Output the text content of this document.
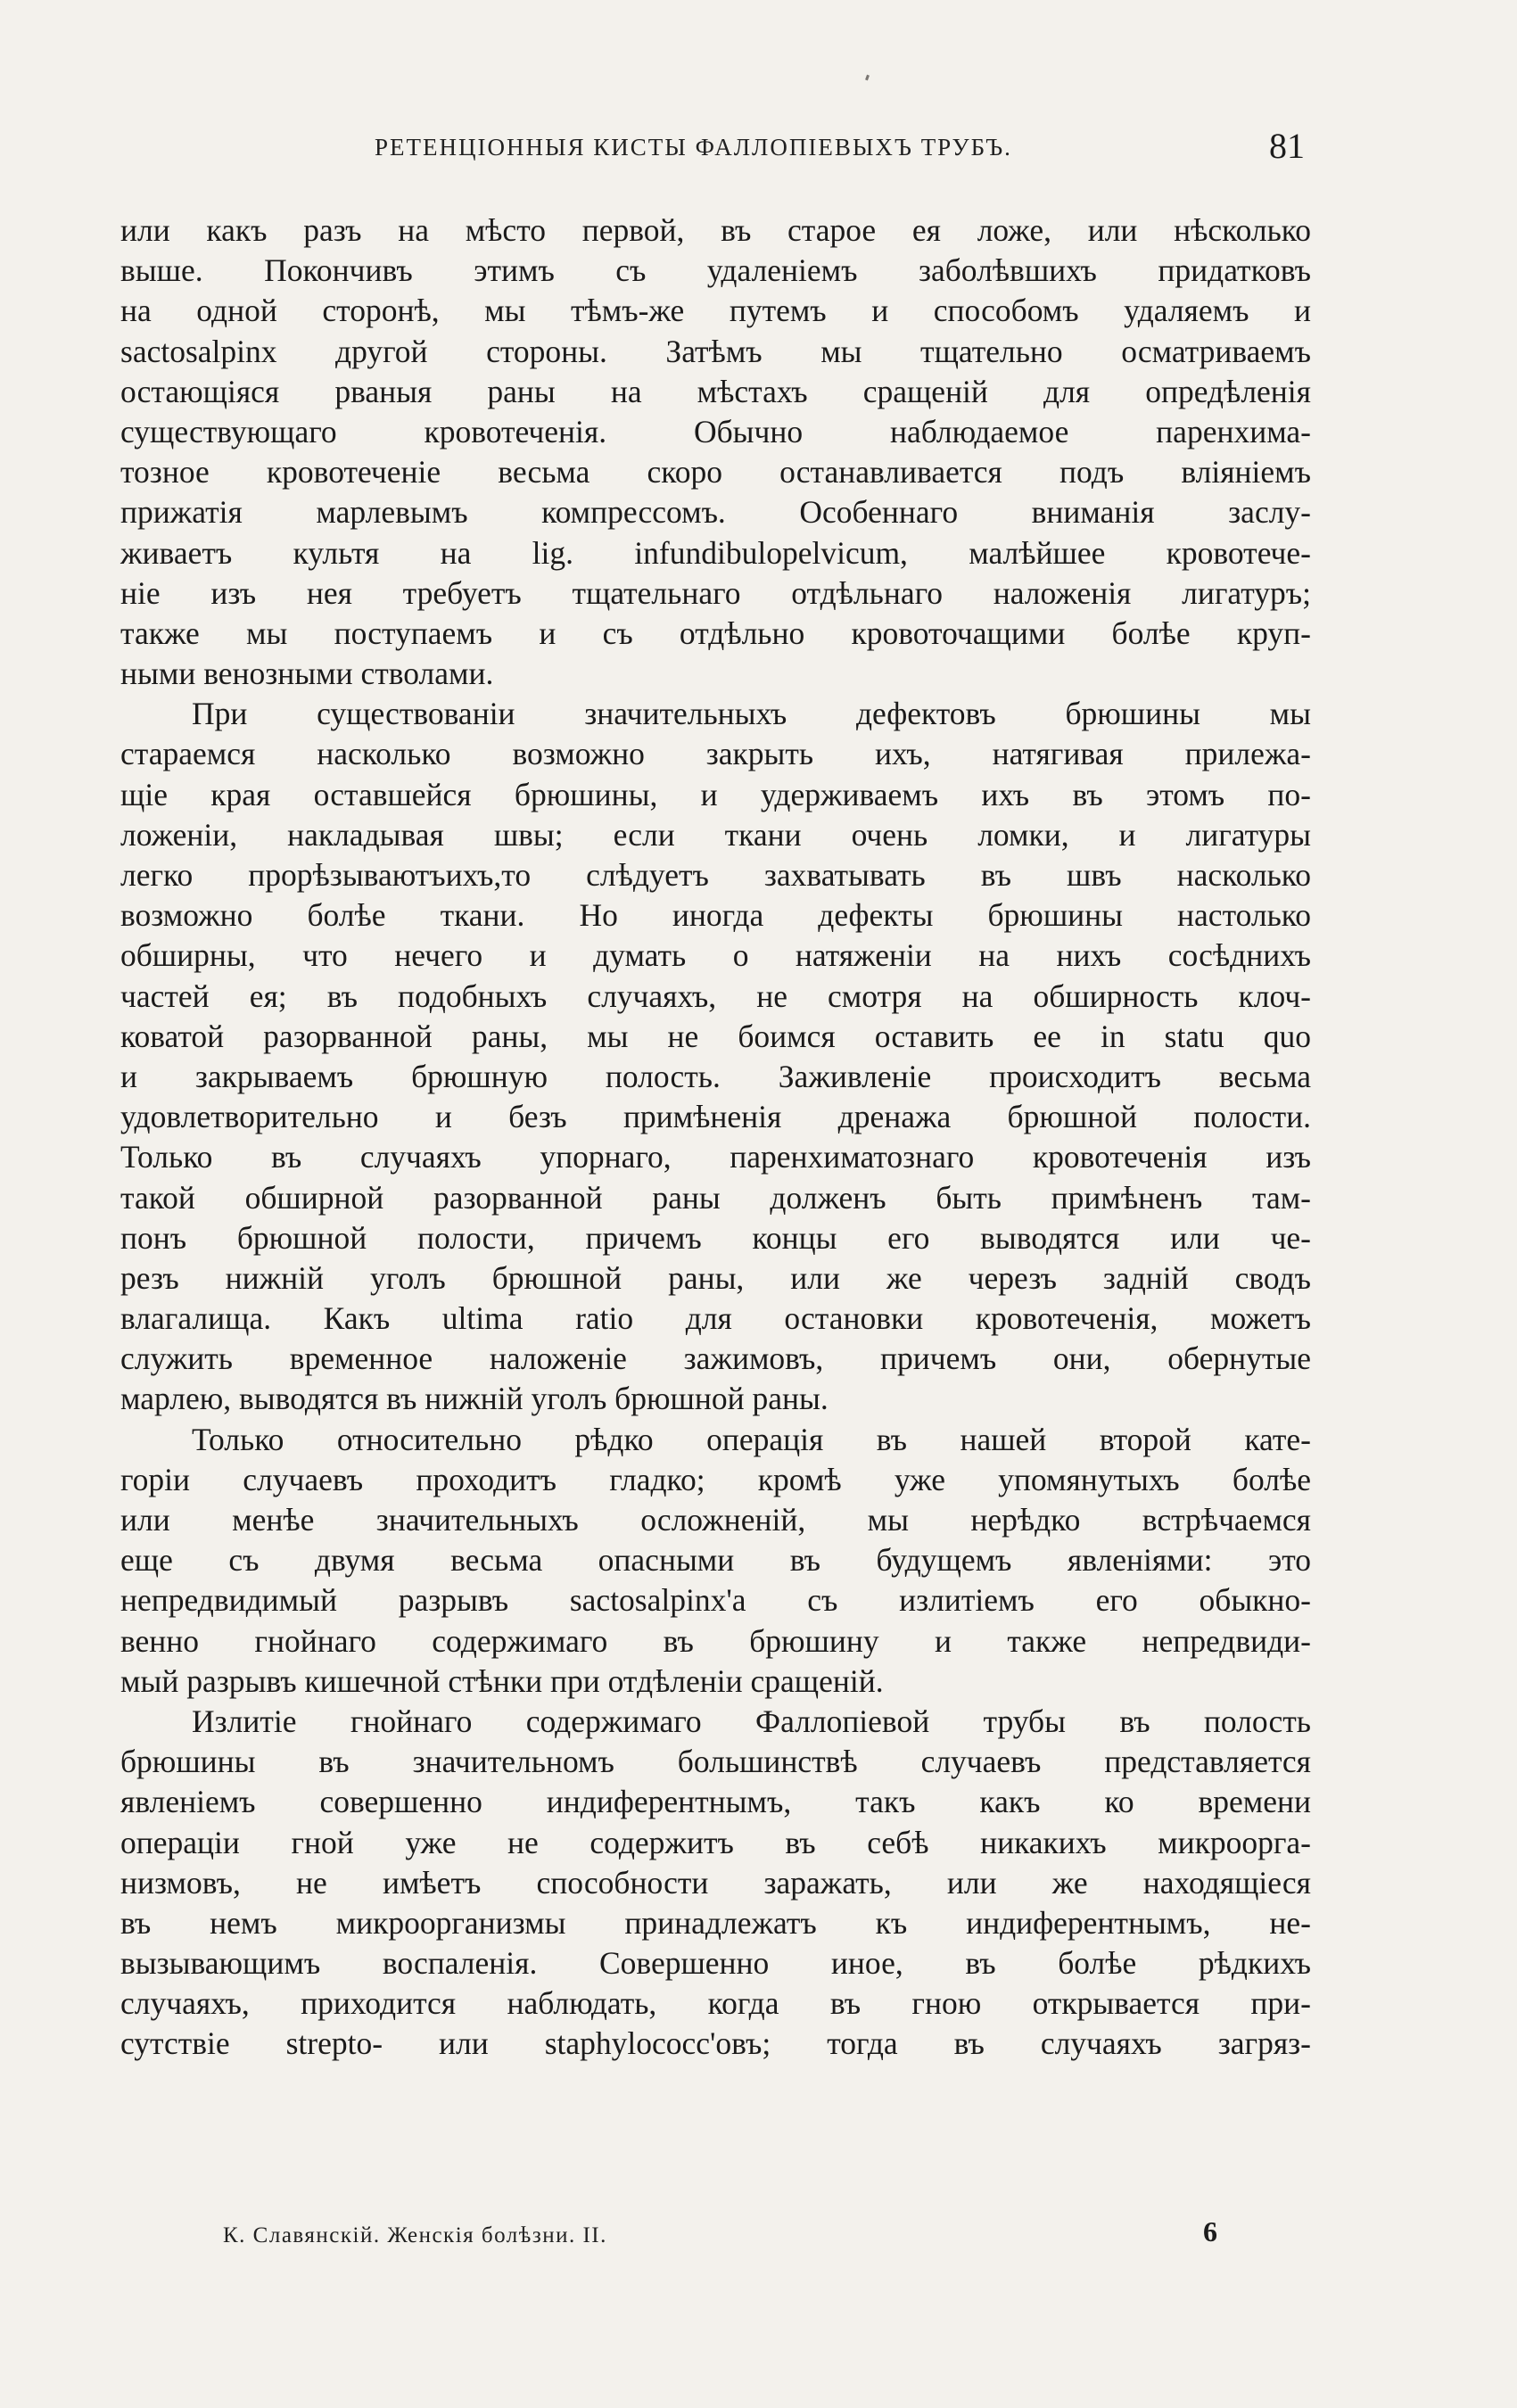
РЕТЕНЦІОННЫЯ КИСТЫ ФАЛЛОПІЕВЫХЪ ТРУБЪ.	81
или какъ разъ на мѣсто первой, въ старое ея ложе, или нѣсколько
выше. Покончивъ этимъ съ удаленіемъ заболѣвшихъ придатковъ
на одной сторонѣ, мы тѣмъ-же путемъ и способомъ удаляемъ и
sactosalpinx другой стороны. Затѣмъ мы тщательно осматриваемъ
остающіяся рваныя раны на мѣстахъ сращеній для опредѣленія
существующаго кровотеченія. Обычно наблюдаемое паренхима-
тозное кровотеченіе весьма скоро останавливается подъ вліяніемъ
прижатія марлевымъ компрессомъ. Особеннаго вниманія заслу-
живаетъ культя на lig. infundibulopelvicum, малѣйшее кровотече-
ніе изъ нея требуетъ тщательнаго отдѣльнаго наложенія лигатуръ;
также мы поступаемъ и съ отдѣльно кровоточащими болѣе круп-
ными венозными стволами.
При существованіи значительныхъ дефектовъ брюшины мы
стараемся насколько возможно закрыть ихъ, натягивая прилежа-
щіе края оставшейся брюшины, и удерживаемъ ихъ въ этомъ по-
ложеніи, накладывая швы; если ткани очень ломки, и лигатуры
легко прорѣзываютъихъ,то слѣдуетъ захватывать въ швъ насколько
возможно болѣе ткани. Но иногда дефекты брюшины настолько
обширны, что нечего и думать о натяженіи на нихъ сосѣднихъ
частей ея; въ подобныхъ случаяхъ, не смотря на обширность клоч-
коватой разорванной раны, мы не боимся оставить ее in statu quo
и закрываемъ брюшную полость. Заживленіе происходитъ весьма
удовлетворительно и безъ примѣненія дренажа брюшной полости.
Только въ случаяхъ упорнаго, паренхиматознаго кровотеченія изъ
такой обширной разорванной раны долженъ быть примѣненъ там-
понъ брюшной полости, причемъ концы его выводятся или че-
резъ нижній уголъ брюшной раны, или же черезъ задній сводъ
влагалища. Какъ ultima ratio для остановки кровотеченія, можетъ
служить временное наложеніе зажимовъ, причемъ они, обернутые
марлею, выводятся въ нижній уголъ брюшной раны.
Только относительно рѣдко операція въ нашей второй кате-
горіи случаевъ проходитъ гладко; кромѣ уже упомянутыхъ болѣе
или менѣе значительныхъ осложненій, мы нерѣдко встрѣчаемся
еще съ двумя весьма опасными въ будущемъ явленіями: это
непредвидимый разрывъ sactosalpinx'а съ излитіемъ его обыкно-
венно гнойнаго содержимаго въ брюшину и также непредвиди-
мый разрывъ кишечной стѣнки при отдѣленіи сращеній.
Излитіе гнойнаго содержимаго Фаллопіевой трубы въ полость
брюшины въ значительномъ большинствѣ случаевъ представляется
явленіемъ совершенно индиферентнымъ, такъ какъ ко времени
операціи гной уже не содержитъ въ себѣ никакихъ микроорга-
низмовъ, не имѣетъ способности заражать, или же находящіеся
въ немъ микроорганизмы принадлежатъ къ индиферентнымъ, не-
вызывающимъ воспаленія. Совершенно иное, въ болѣе рѣдкихъ
случаяхъ, приходится наблюдать, когда въ гною открывается при-
сутствіе strepto- или staphylococc'овъ; тогда въ случаяхъ загряз-
К. Славянскій. Женскія болѣзни. II.	6
